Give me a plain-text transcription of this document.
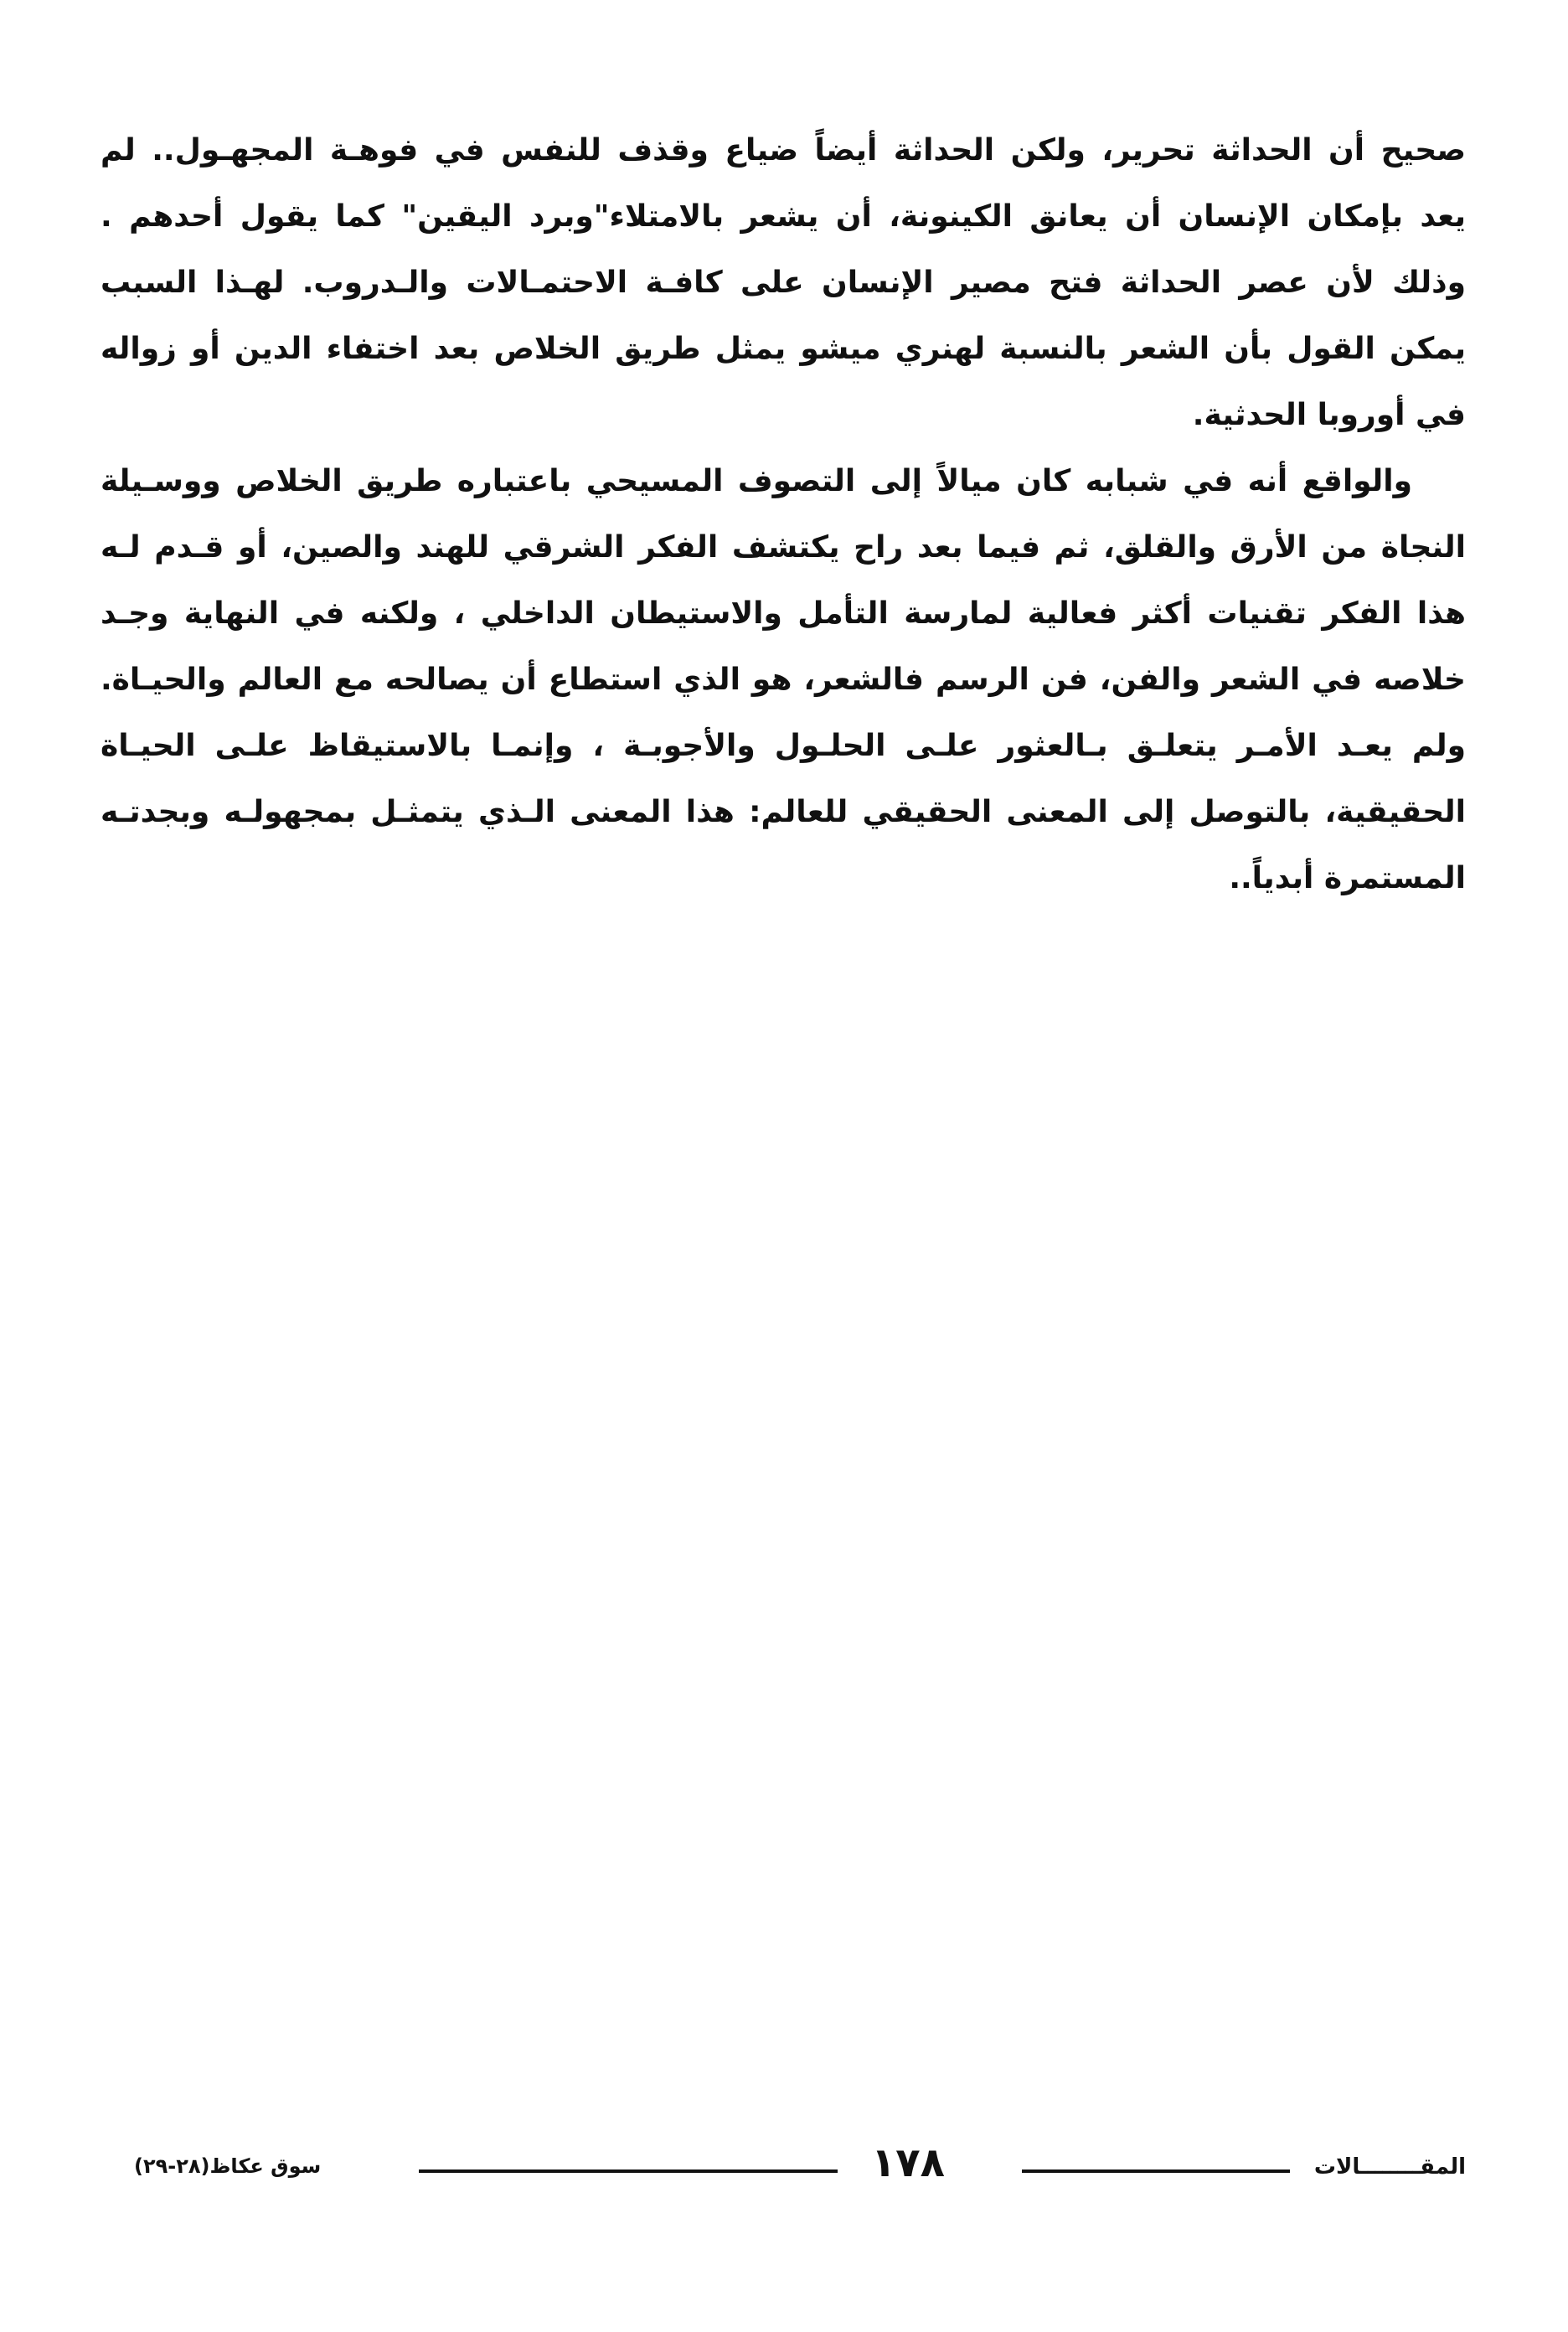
صحيح أن الحداثة تحرير، ولكن الحداثة أيضاً ضياع وقذف للنفس في فوهـة المجهـول.. لم
يعد بإمكان الإنسان أن يعانق الكينونة، أن يشعر بالامتلاء"وبرد اليقين" كما يقول أحدهم .
وذلك لأن عصر الحداثة فتح مصير الإنسان على كافـة الاحتمـالات والـدروب. لهـذا السبب
يمكن القول بأن الشعر بالنسبة لهنري ميشو يمثل طريق الخلاص بعد اختفاء الدين أو زواله
في أوروبا الحدثية.

والواقع أنه في شبابه كان ميالاً إلى التصوف المسيحي باعتباره طريق الخلاص ووسـيلة
النجاة من الأرق والقلق، ثم فيما بعد راح يكتشف الفكر الشرقي للهند والصين، أو قـدم لـه
هذا الفكر تقنيات أكثر فعالية لمارسة التأمل والاستيطان الداخلي ، ولكنه في النهاية وجـد
خلاصه في الشعر والفن، فن الرسم فالشعر، هو الذي استطاع أن يصالحه مع العالم والحيـاة.
ولم يعـد الأمـر يتعلـق بـالعثور علـى الحلـول والأجوبـة ، وإنمـا بالاستيقاظ علـى الحيـاة
الحقيقية، بالتوصل إلى المعنى الحقيقي للعالم: هذا المعنى الـذي يتمثـل بمجهولـه وبجدتـه
المستمرة أبدياً..

سوق عكاظ(٢٨-٢٩)	١٧٨	المقــــــــالات
